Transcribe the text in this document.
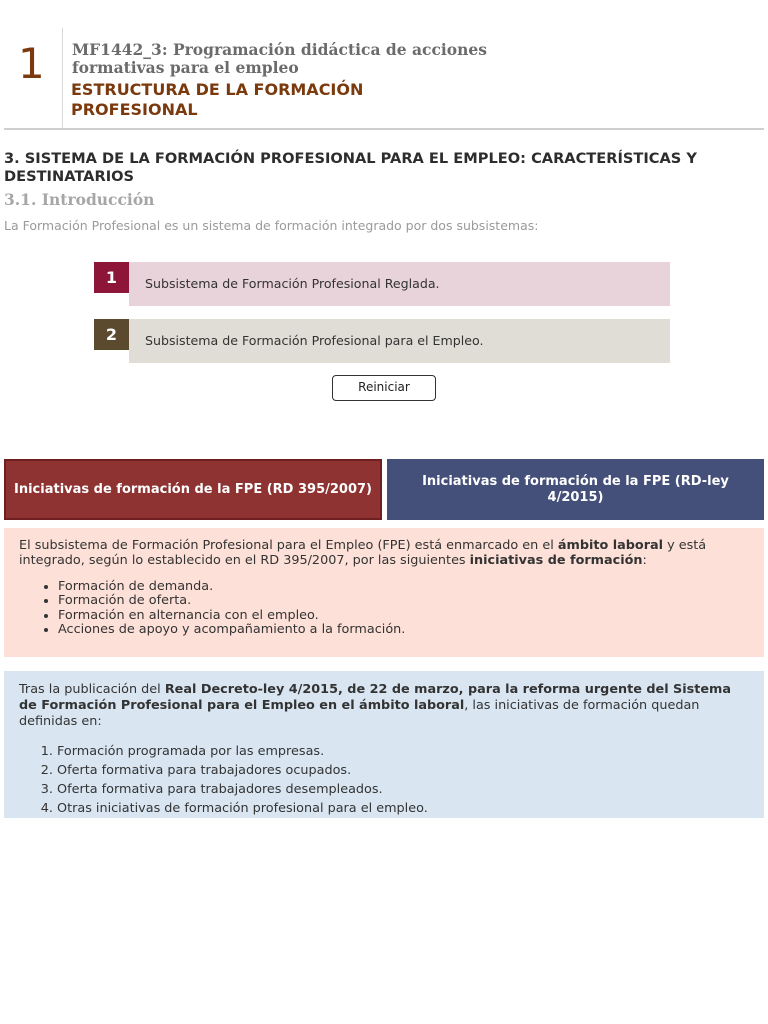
1 MF1442_3: Programación didáctica de acciones formativas para el empleo
ESTRUCTURA DE LA FORMACIÓN PROFESIONAL
3. SISTEMA DE LA FORMACIÓN PROFESIONAL PARA EL EMPLEO: CARACTERÍSTICAS Y DESTINATARIOS
3.1. Introducción
La Formación Profesional es un sistema de formación integrado por dos subsistemas:
1	Subsistema de Formación Profesional Reglada.
2	Subsistema de Formación Profesional para el Empleo.
Reiniciar
Iniciativas de formación de la FPE (RD 395/2007)
Iniciativas de formación de la FPE (RD-ley 4/2015)
El subsistema de Formación Profesional para el Empleo (FPE) está enmarcado en el ámbito laboral y está integrado, según lo establecido en el RD 395/2007, por las siguientes iniciativas de formación:
• Formación de demanda.
• Formación de oferta.
• Formación en alternancia con el empleo.
• Acciones de apoyo y acompañamiento a la formación.
Tras la publicación del Real Decreto-ley 4/2015, de 22 de marzo, para la reforma urgente del Sistema de Formación Profesional para el Empleo en el ámbito laboral, las iniciativas de formación quedan definidas en:
1. Formación programada por las empresas.
2. Oferta formativa para trabajadores ocupados.
3. Oferta formativa para trabajadores desempleados.
4. Otras iniciativas de formación profesional para el empleo.
